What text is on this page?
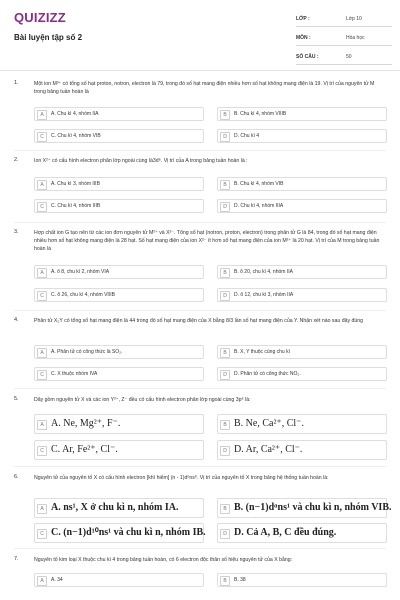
QUIZIZZ
Bài luyện tập số 2
LỚP :	Lớp 10
MÔN :	Hóa học
SỐ CÂU :	50
1.	Một ion M³⁺ có tổng số hạt proton, notron, electron là 79, trong đó số hạt mang điện nhiều hơn số hạt không mang điện là 19. Vị trí của nguyên tử M trong bảng tuần hoàn là
A	A. Chu kì 4, nhóm IIA	B	B. Chu kì 4, nhóm VIIIB
C	C. Chu kì 4, nhóm VIB	D	D. Chu kì 4
2.	Ion X²⁺ có cấu hình electron phân lớp ngoài cùng là3d⁶. Vị trí của A trong bảng tuần hoàn là :
A	A. Chu kì 3, nhóm IIIB	B	B. Chu kì 4, nhóm VIB
C	C. Chu kì 4, nhóm IIIB	D	D. Chu kì 4, nhóm IIIA
3.	Hợp chất ion G tạo nên từ các ion đơn nguyên tử M²⁺ và X²⁻. Tổng số hạt (notron, proton, electron) trong phân tử G là 84, trong đó số hạt mang điện nhiều hơn số hạt không mang điện là 28 hạt. Số hạt mang điện của ion X²⁻ ít hơn số hạt mang điện của ion M²⁺ là 20 hạt. Vị trí của M trong bảng tuần hoàn là
A	A. ô 8, chu kì 2, nhóm VIA	B	B. ô 20, chu kì 4, nhóm IIA
C	C. ô 26, chu kì 4, nhóm VIIIB	D	D. ô 12, chu kì 3, nhóm IIA
4.	Phân tử X₂Y có tổng số hạt mang điện là 44 trong đó số hạt mang điện của X bằng 8/3 lần số hạt mang điện của Y. Nhận xét nào sau đây đúng
A	A. Phân tử có công thức là SO₂.	B	B. X, Y thuộc cùng chu kì
C	C. X thuộc nhóm IVA	D	D. Phân tử có công thức NO₂.
5.	Dãy gồm nguyên tử X và các ion Y²⁺, Z⁻ đều có cấu hình electron phân lớp ngoài cùng 3p⁶ là:
A A. Ne, Mg²⁺, F⁻.	B B. Ne, Ca²⁺, Cl⁻.
C C. Ar, Fe²⁺, Cl⁻.	D D. Ar, Ca²⁺, Cl⁻.
6.	Nguyên tử của nguyên tố X có cấu hình electron [khí hiếm] (n - 1)dᵅnsᵇ. Vị trí của nguyên tố X trong bảng hệ thống tuần hoàn là:
A A. ns¹, X ở chu kì n, nhóm IA.	B B. (n−1)dᵅns¹ và chu kì n, nhóm VIB.
C C. (n−1)d¹⁰ns¹ và chu kì n, nhóm IB.	D D. Cả A, B, C đều đúng.
7.	Nguyên tố kim loại X thuộc chu kì 4 trong bảng tuần hoàn, có 6 electron độc thân số hiệu nguyên tử của X bằng:
A	A. 34	B	B. 38
